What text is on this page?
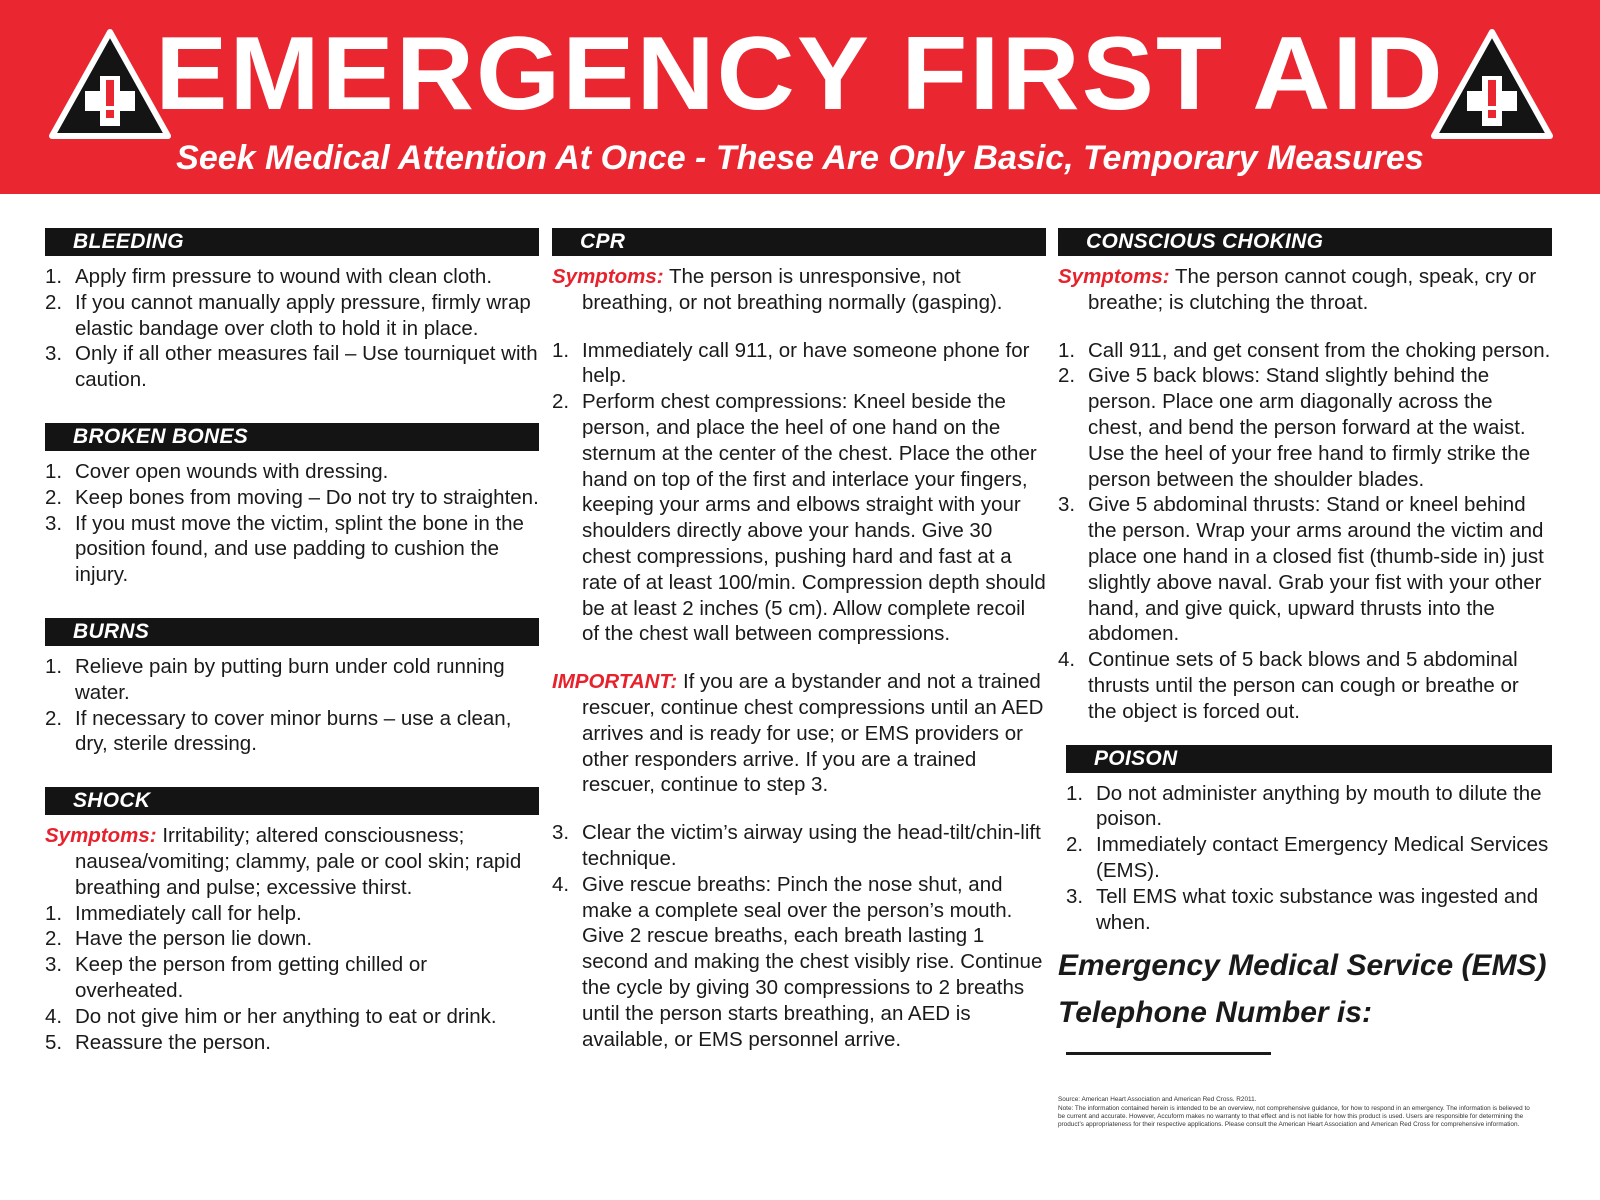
EMERGENCY FIRST AID
Seek Medical Attention At Once - These Are Only Basic, Temporary Measures
BLEEDING
1. Apply firm pressure to wound with clean cloth.
2. If you cannot manually apply pressure, firmly wrap elastic bandage over cloth to hold it in place.
3. Only if all other measures fail – Use tourniquet with caution.
BROKEN BONES
1. Cover open wounds with dressing.
2. Keep bones from moving – Do not try to straighten.
3. If you must move the victim, splint the bone in the position found, and use padding to cushion the injury.
BURNS
1. Relieve pain by putting burn under cold running water.
2. If necessary to cover minor burns – use a clean, dry, sterile dressing.
SHOCK
Symptoms: Irritability; altered consciousness; nausea/vomiting; clammy, pale or cool skin; rapid breathing and pulse; excessive thirst.
1. Immediately call for help.
2. Have the person lie down.
3. Keep the person from getting chilled or overheated.
4. Do not give him or her anything to eat or drink.
5. Reassure the person.
CPR
Symptoms: The person is unresponsive, not breathing, or not breathing normally (gasping).
1. Immediately call 911, or have someone phone for help.
2. Perform chest compressions: Kneel beside the person, and place the heel of one hand on the sternum at the center of the chest. Place the other hand on top of the first and interlace your fingers, keeping your arms and elbows straight with your shoulders directly above your hands. Give 30 chest compressions, pushing hard and fast at a rate of at least 100/min. Compression depth should be at least 2 inches (5 cm). Allow complete recoil of the chest wall between compressions.
IMPORTANT: If you are a bystander and not a trained rescuer, continue chest compressions until an AED arrives and is ready for use; or EMS providers or other responders arrive. If you are a trained rescuer, continue to step 3.
3. Clear the victim’s airway using the head-tilt/chin-lift technique.
4. Give rescue breaths: Pinch the nose shut, and make a complete seal over the person’s mouth. Give 2 rescue breaths, each breath lasting 1 second and making the chest visibly rise. Continue the cycle by giving 30 compressions to 2 breaths until the person starts breathing, an AED is available, or EMS personnel arrive.
CONSCIOUS CHOKING
Symptoms: The person cannot cough, speak, cry or breathe; is clutching the throat.
1. Call 911, and get consent from the choking person.
2. Give 5 back blows: Stand slightly behind the person. Place one arm diagonally across the chest, and bend the person forward at the waist. Use the heel of your free hand to firmly strike the person between the shoulder blades.
3. Give 5 abdominal thrusts: Stand or kneel behind the person. Wrap your arms around the victim and place one hand in a closed fist (thumb-side in) just slightly above naval. Grab your fist with your other hand, and give quick, upward thrusts into the abdomen.
4. Continue sets of 5 back blows and 5 abdominal thrusts until the person can cough or breathe or the object is forced out.
POISON
1. Do not administer anything by mouth to dilute the poison.
2. Immediately contact Emergency Medical Services (EMS).
3. Tell EMS what toxic substance was ingested and when.
Emergency Medical Service (EMS)
Telephone Number is:
Source: American Heart Association and American Red Cross. R2011.
Note: The information contained herein is intended to be an overview, not comprehensive guidance, for how to respond in an emergency. The information is believed to be current and accurate. However, Accuform makes no warranty to that effect and is not liable for how this product is used. Users are responsible for determining the product’s appropriateness for their respective applications. Please consult the American Heart Association and American Red Cross for comprehensive information.
